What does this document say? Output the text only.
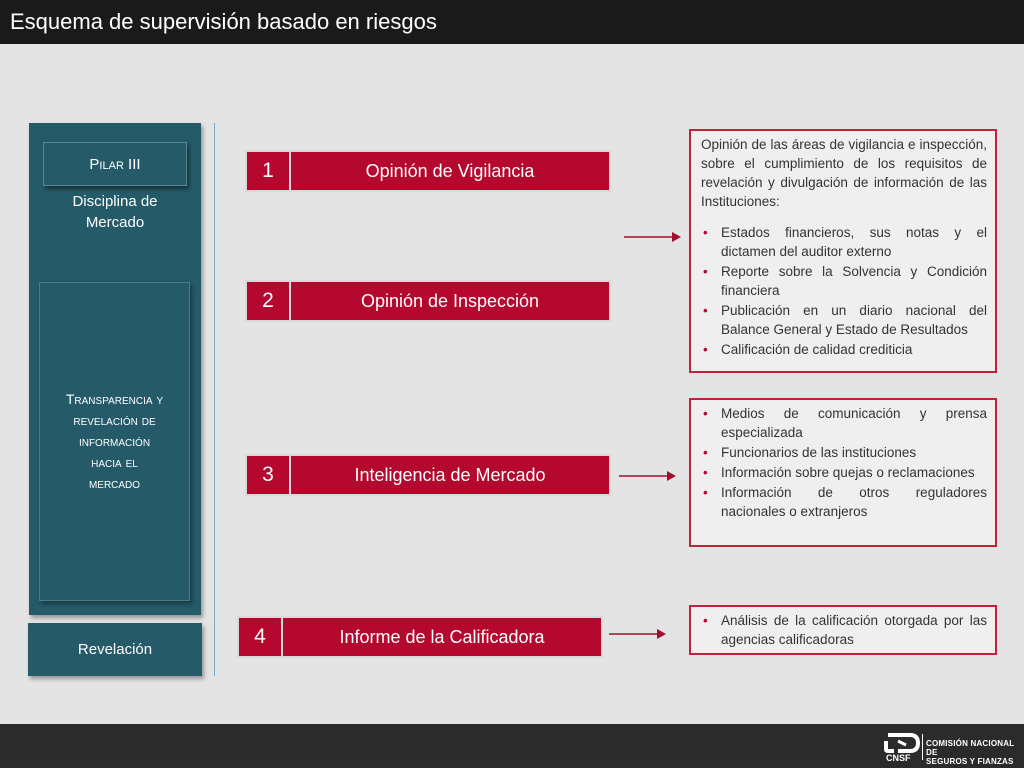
Esquema de supervisión basado en riesgos
Pilar III
Disciplina de
Mercado
Transparencia y
revelación de
información
hacia el
mercado
Revelación
1	Opinión de Vigilancia
2	Opinión de Inspección
3	Inteligencia de Mercado
4	Informe de la Calificadora

Opinión de las áreas de vigilancia e inspección, sobre el cumplimiento de los requisitos de revelación y divulgación de información de las Instituciones:

• Estados financieros, sus notas y el dictamen del auditor externo
• Reporte sobre la Solvencia y Condición financiera
• Publicación en un diario nacional del Balance General y Estado de Resultados
• Calificación de calidad crediticia
• Medios de comunicación y prensa especializada
• Funcionarios de las instituciones
• Información sobre quejas o reclamaciones
• Información de otros reguladores nacionales o extranjeros
• Análisis de la calificación otorgada por las agencias calificadoras
CNSF
COMISIÓN NACIONAL DE
SEGUROS Y FIANZAS
